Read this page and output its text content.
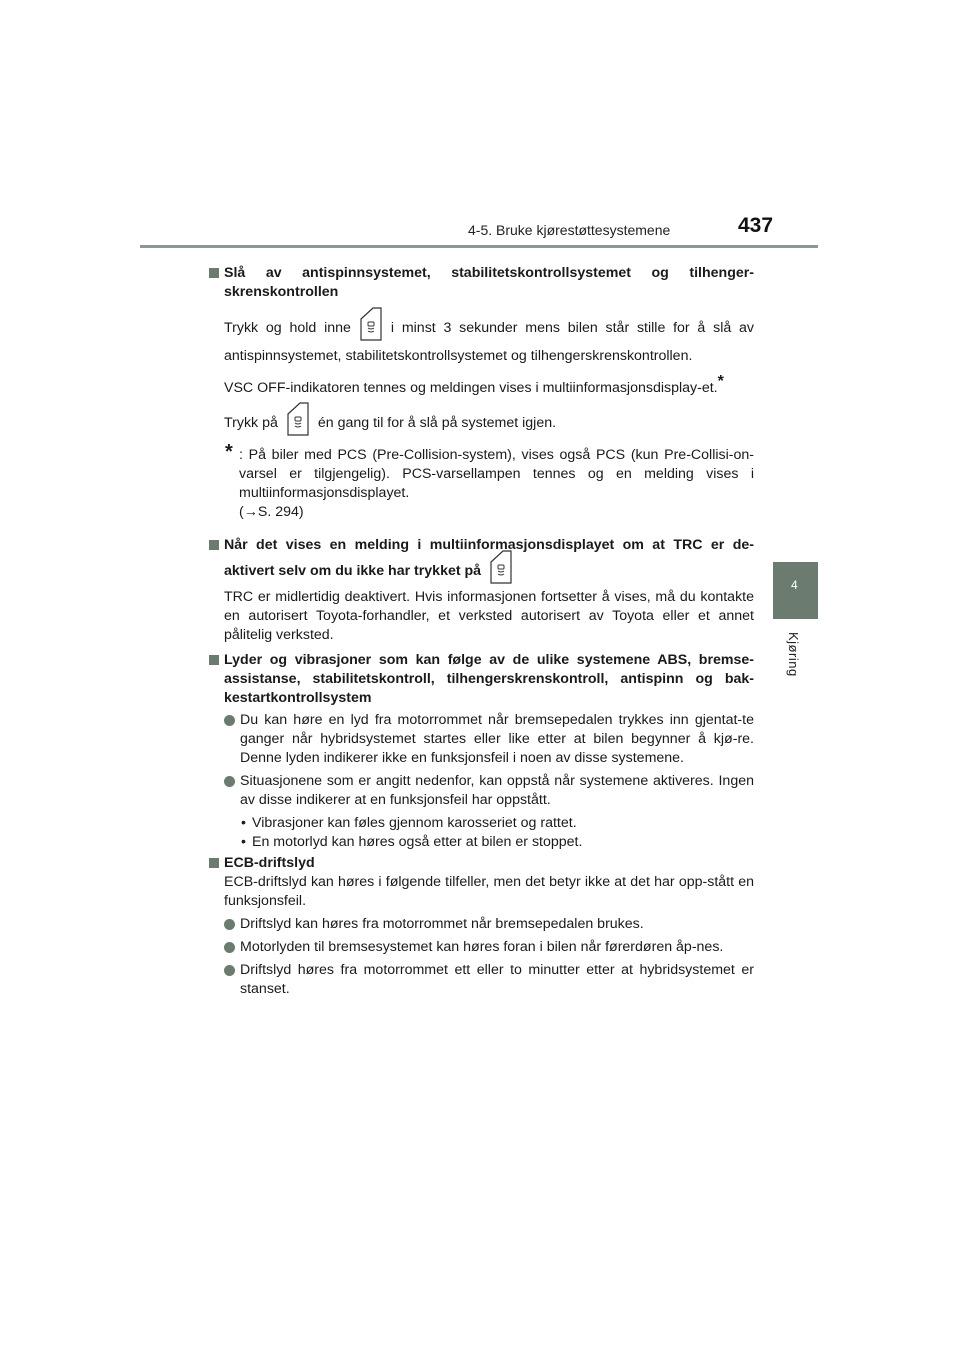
4-5. Bruke kjørestøttesystemene	437
4
Kjøring
Slå av antispinnsystemet, stabilitetskontrollsystemet og tilhenger-skrenskontrollen
Trykk og hold inne	i minst 3 sekunder mens bilen står stille for å slå av antispinnsystemet, stabilitetskontrollsystemet og tilhengerskrenskontrollen.
VSC OFF-indikatoren tennes og meldingen vises i multiinformasjonsdisplay-et.*
Trykk på	én gang til for å slå på systemet igjen.
* : På biler med PCS (Pre-Collision-system), vises også PCS (kun Pre-Collisi-on-varsel er tilgjengelig). PCS-varsellampen tennes og en melding vises i multiinformasjonsdisplayet.
(→S. 294)
Når det vises en melding i multiinformasjonsdisplayet om at TRC er de-aktivert selv om du ikke har trykket på
TRC er midlertidig deaktivert. Hvis informasjonen fortsetter å vises, må du kontakte en autorisert Toyota-forhandler, et verksted autorisert av Toyota eller et annet pålitelig verksted.
Lyder og vibrasjoner som kan følge av de ulike systemene ABS, bremse-assistanse, stabilitetskontroll, tilhengerskrenskontroll, antispinn og bak-kestartkontrollsystem
Du kan høre en lyd fra motorrommet når bremsepedalen trykkes inn gjentat-te ganger når hybridsystemet startes eller like etter at bilen begynner å kjø-re. Denne lyden indikerer ikke en funksjonsfeil i noen av disse systemene.
Situasjonene som er angitt nedenfor, kan oppstå når systemene aktiveres. Ingen av disse indikerer at en funksjonsfeil har oppstått.
• Vibrasjoner kan føles gjennom karosseriet og rattet.
• En motorlyd kan høres også etter at bilen er stoppet.
ECB-driftslyd
ECB-driftslyd kan høres i følgende tilfeller, men det betyr ikke at det har opp-stått en funksjonsfeil.
Driftslyd kan høres fra motorrommet når bremsepedalen brukes.
Motorlyden til bremsesystemet kan høres foran i bilen når førerdøren åp-nes.
Driftslyd høres fra motorrommet ett eller to minutter etter at hybridsystemet er stanset.
